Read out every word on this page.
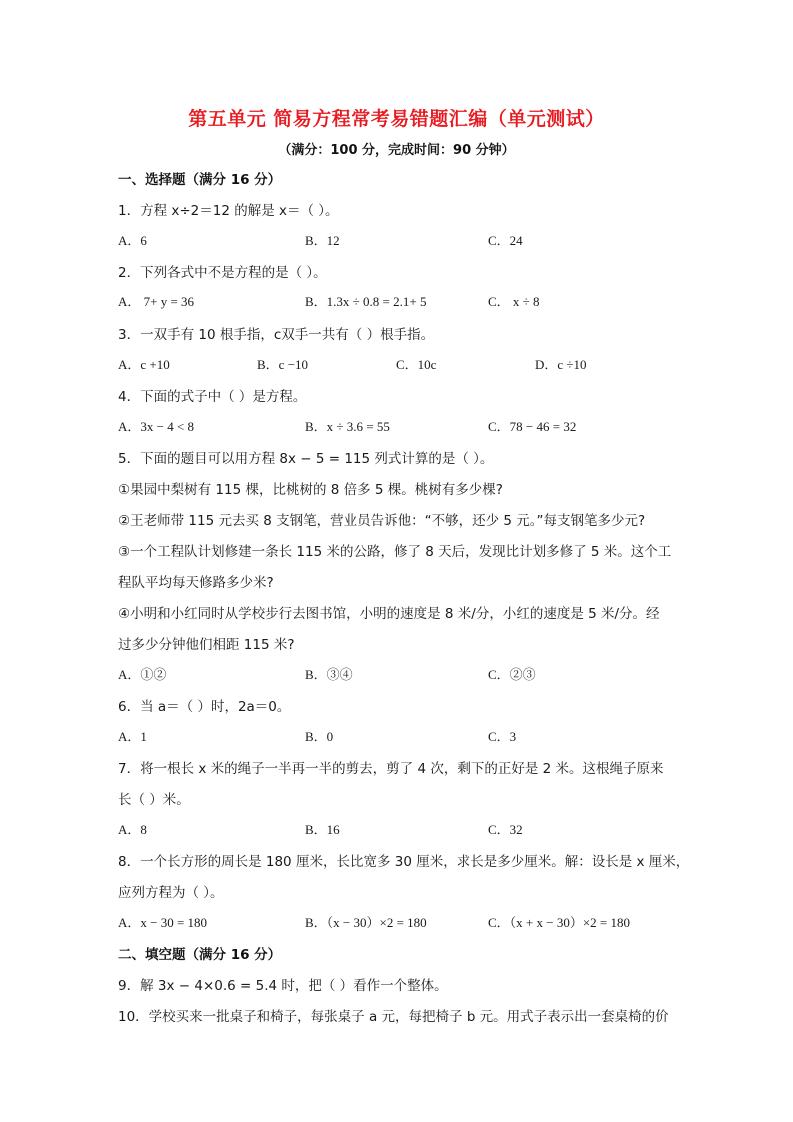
第五单元 简易方程常考易错题汇编（单元测试）
（满分：100 分，完成时间：90 分钟）
一、选择题（满分 16 分）
1．方程 x÷2＝12 的解是 x＝（ ）。
A．6	B．12	C．24
2．下列各式中不是方程的是（ ）。
A． 7+ y = 36	B．1.3x ÷ 0.8 = 2.1+ 5	C． x ÷ 8
3．一双手有 10 根手指，c双手一共有（ ）根手指。
A．c +10	B．c −10	C．10c	D．c ÷10
4．下面的式子中（ ）是方程。
A．3x − 4 < 8	B．x ÷ 3.6 = 55	C．78 − 46 = 32
5．下面的题目可以用方程 8x − 5 = 115 列式计算的是（ ）。
①果园中梨树有 115 棵，比桃树的 8 倍多 5 棵。桃树有多少棵?
②王老师带 115 元去买 8 支钢笔，营业员告诉他：“不够，还少 5 元。”每支钢笔多少元?
③一个工程队计划修建一条长 115 米的公路，修了 8 天后，发现比计划多修了 5 米。这个工
程队平均每天修路多少米?
④小明和小红同时从学校步行去图书馆，小明的速度是 8 米/分，小红的速度是 5 米/分。经
过多少分钟他们相距 115 米?
A．①②	B．③④	C．②③
6．当 a＝（ ）时，2a＝0。
A．1	B．0	C．3
7．将一根长 x 米的绳子一半再一半的剪去，剪了 4 次，剩下的正好是 2 米。这根绳子原来
长（ ）米。
A．8	B．16	C．32
8．一个长方形的周长是 180 厘米，长比宽多 30 厘米，求长是多少厘米。解：设长是 x 厘米，
应列方程为（ ）。
A．x − 30 = 180	B．（x − 30）×2 = 180	C．（x + x − 30）×2 = 180
二、填空题（满分 16 分）
9．解 3x − 4×0.6 = 5.4 时，把（ ）看作一个整体。
10．学校买来一批桌子和椅子，每张桌子 a 元，每把椅子 b 元。用式子表示出一套桌椅的价
